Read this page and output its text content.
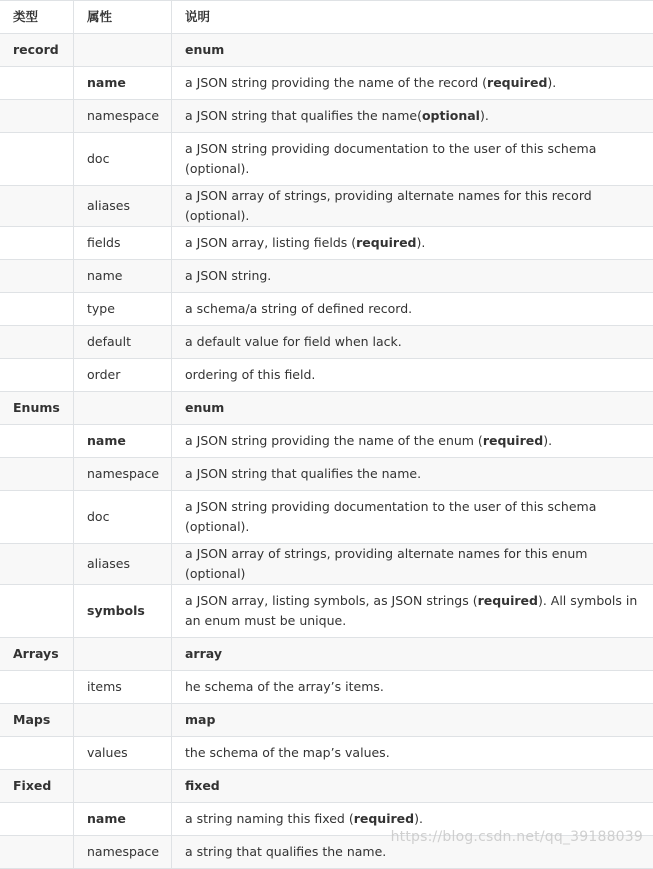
类型	属性	说明
record		enum
	name	a JSON string providing the name of the record (required).
	namespace	a JSON string that qualifies the name(optional).
	doc	a JSON string providing documentation to the user of this schema (optional).
	aliases	a JSON array of strings, providing alternate names for this record (optional).
	fields	a JSON array, listing fields (required).
	name	a JSON string.
	type	a schema/a string of defined record.
	default	a default value for field when lack.
	order	ordering of this field.
Enums		enum
	name	a JSON string providing the name of the enum (required).
	namespace	a JSON string that qualifies the name.
	doc	a JSON string providing documentation to the user of this schema (optional).
	aliases	a JSON array of strings, providing alternate names for this enum (optional)
	symbols	a JSON array, listing symbols, as JSON strings (required). All symbols in an enum must be unique.
Arrays		array
	items	he schema of the array’s items.
Maps		map
	values	the schema of the map’s values.
Fixed		fixed
	name	a string naming this fixed (required).
	namespace	a string that qualifies the name.
https://blog.csdn.net/qq_39188039
